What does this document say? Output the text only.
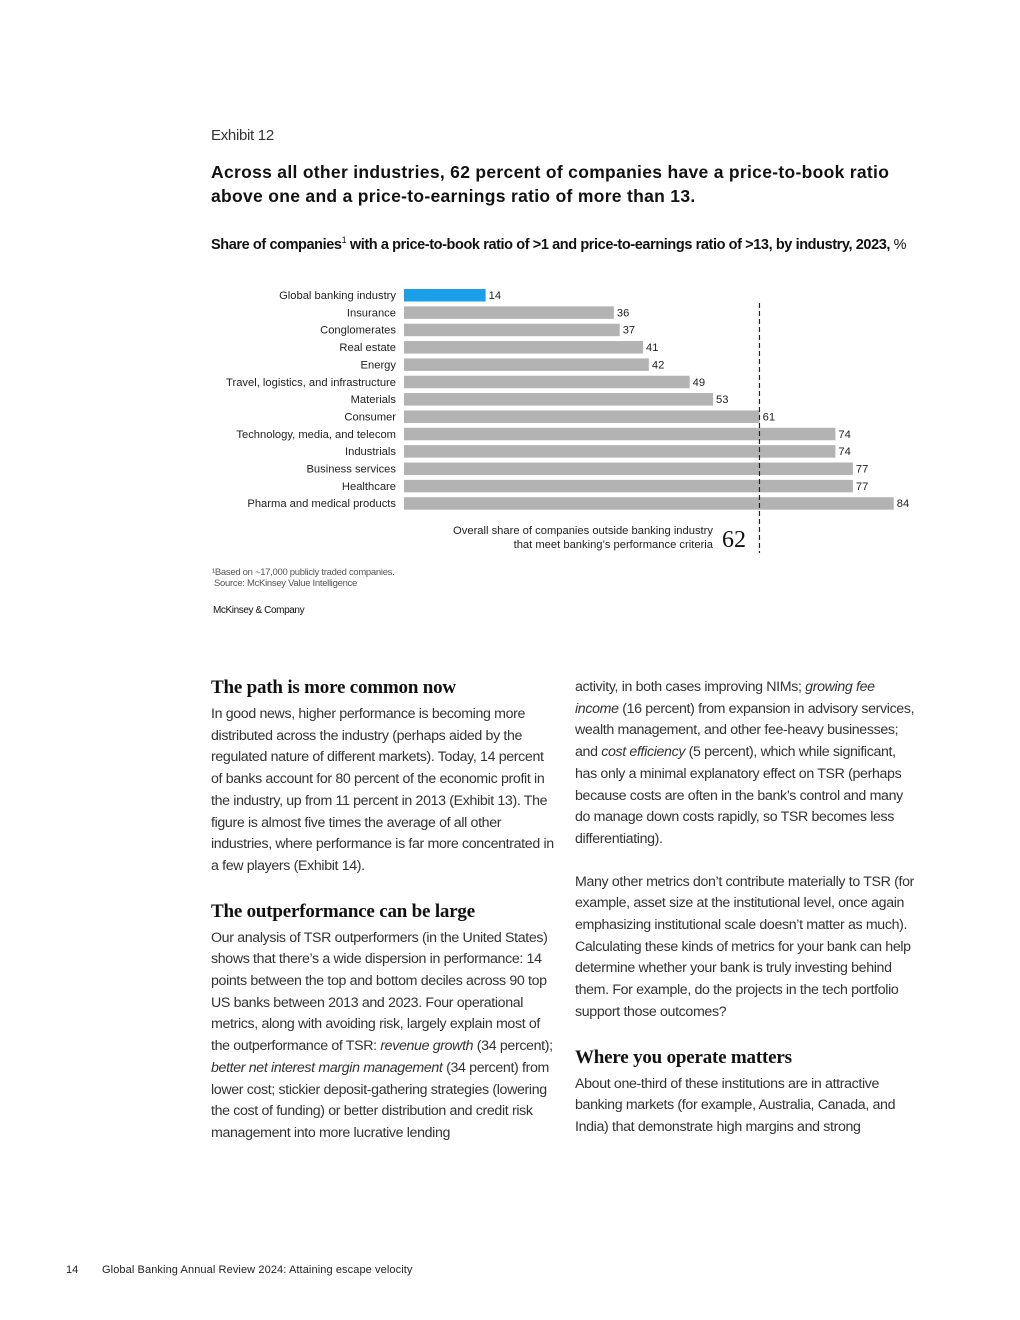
Exhibit 12
Across all other industries, 62 percent of companies have a price-to-book ratio above one and a price-to-earnings ratio of more than 13.
Share of companies$^1$ with a price-to-book ratio of >1 and price-to-earnings ratio of >13, by industry, 2023, %
Global banking industry	14
Insurance	36
Conglomerates	37
Real estate	41
Energy	42
Travel, logistics, and infrastructure	49
Materials	53
Consumer	61
Technology, media, and telecom	74
Industrials	74
Business services	77
Healthcare	77
Pharma and medical products	84
Overall share of companies outside banking industry
that meet banking’s performance criteria 62
¹Based on ~17,000 publicly traded companies.
Source: McKinsey Value Intelligence
McKinsey & Company
The path is more common now

In good news, higher performance is becoming more distributed across the industry (perhaps aided by the regulated nature of different markets). Today, 14 percent of banks account for 80 percent of the economic profit in the industry, up from 11 percent in 2013 (Exhibit 13). The figure is almost five times the average of all other industries, where performance is far more concentrated in a few players (Exhibit 14).

The outperformance can be large

Our analysis of TSR outperformers (in the United States) shows that there’s a wide dispersion in performance: 14 points between the top and bottom deciles across 90 top US banks between 2013 and 2023. Four operational metrics, along with avoiding risk, largely explain most of the outperformance of TSR: revenue growth (34 percent); better net interest margin management (34 percent) from lower cost; stickier deposit-gathering strategies (lowering the cost of funding) or better distribution and credit risk management into more lucrative lending

activity, in both cases improving NIMs; growing fee income (16 percent) from expansion in advisory services, wealth management, and other fee-heavy businesses; and cost efficiency (5 percent), which while significant, has only a minimal explanatory effect on TSR (perhaps because costs are often in the bank’s control and many do manage down costs rapidly, so TSR becomes less differentiating).

Many other metrics don’t contribute materially to TSR (for example, asset size at the institutional level, once again emphasizing institutional scale doesn’t matter as much). Calculating these kinds of metrics for your bank can help determine whether your bank is truly investing behind them. For example, do the projects in the tech portfolio support those outcomes?

Where you operate matters

About one-third of these institutions are in attractive banking markets (for example, Australia, Canada, and India) that demonstrate high margins and strong

14 Global Banking Annual Review 2024: Attaining escape velocity
